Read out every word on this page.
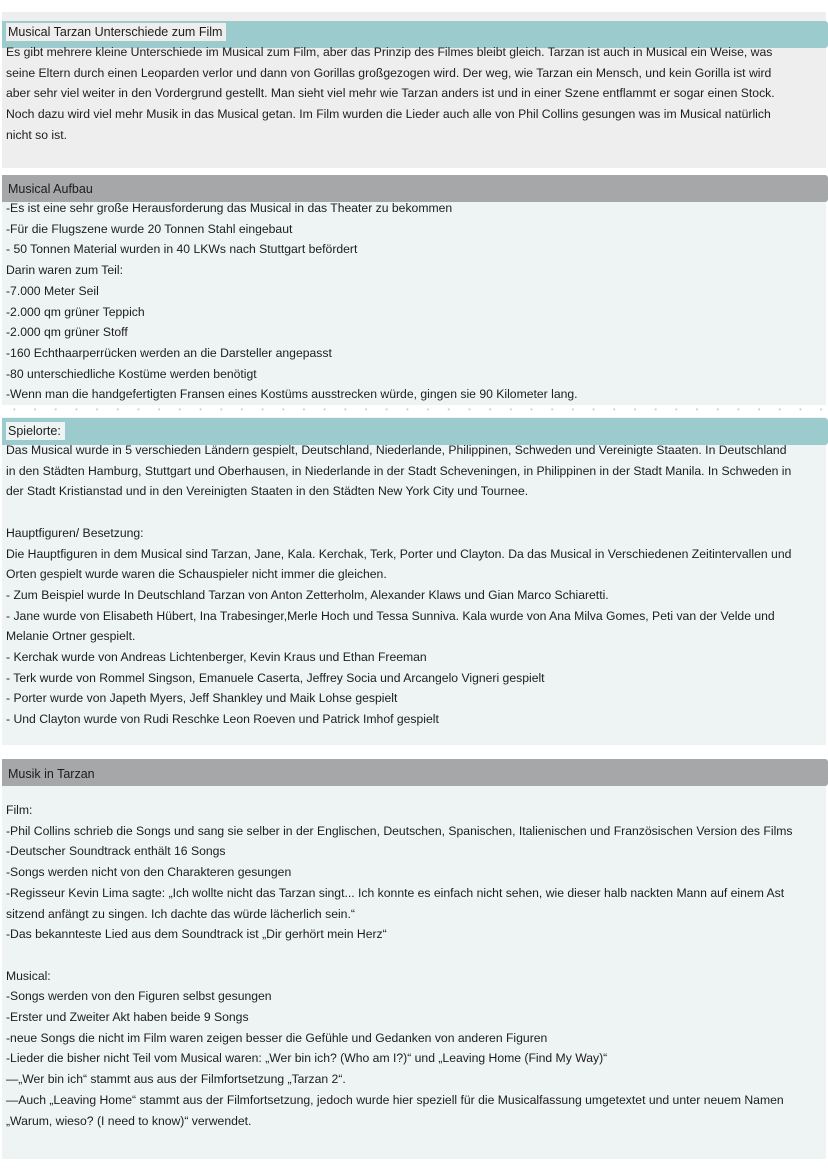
Musical Tarzan Unterschiede zum Film

Es gibt mehrere kleine Unterschiede im Musical zum Film, aber das Prinzip des Filmes bleibt gleich. Tarzan ist auch in Musical ein Weise, was seine Eltern durch einen Leoparden verlor und dann von Gorillas großgezogen wird. Der weg, wie Tarzan ein Mensch, und kein Gorilla ist wird aber sehr viel weiter in den Vordergrund gestellt. Man sieht viel mehr wie Tarzan anders ist und in einer Szene entflammt er sogar einen Stock. Noch dazu wird viel mehr Musik in das Musical getan. Im Film wurden die Lieder auch alle von Phil Collins gesungen was im Musical natürlich nicht so ist.

Musical Aufbau

-Es ist eine sehr große Herausforderung das Musical in das Theater zu bekommen

-Für die Flugszene wurde 20 Tonnen Stahl eingebaut

- 50 Tonnen Material wurden in 40 LKWs nach Stuttgart befördert

Darin waren zum Teil:

-7.000 Meter Seil

-2.000 qm grüner Teppich

-2.000 qm grüner Stoff

-160 Echthaarperrücken werden an die Darsteller angepasst

-80 unterschiedliche Kostüme werden benötigt

-Wenn man die handgefertigten Fransen eines Kostüms ausstrecken würde, gingen sie 90 Kilometer lang.

Spielorte:

Das Musical wurde in 5 verschieden Ländern gespielt, Deutschland, Niederlande, Philippinen, Schweden und Vereinigte Staaten. In Deutschland in den Städten Hamburg, Stuttgart und Oberhausen, in Niederlande in der Stadt Scheveningen, in Philippinen in der Stadt Manila. In Schweden in der Stadt Kristianstad und in den Vereinigten Staaten in den Städten New York City und Tournee.

Hauptfiguren/ Besetzung:

Die Hauptfiguren in dem Musical sind Tarzan, Jane, Kala. Kerchak, Terk, Porter und Clayton. Da das Musical in Verschiedenen Zeitintervallen und Orten gespielt wurde waren die Schauspieler nicht immer die gleichen.

- Zum Beispiel wurde In Deutschland Tarzan von Anton Zetterholm, Alexander Klaws und Gian Marco Schiaretti.

- Jane wurde von Elisabeth Hübert, Ina Trabesinger,Merle Hoch und Tessa Sunniva. Kala wurde von Ana Milva Gomes, Peti van der Velde und Melanie Ortner gespielt.

- Kerchak wurde von Andreas Lichtenberger, Kevin Kraus und Ethan Freeman

- Terk wurde von Rommel Singson, Emanuele Caserta, Jeffrey Socia und Arcangelo Vigneri gespielt

- Porter wurde von Japeth Myers, Jeff Shankley und Maik Lohse gespielt

- Und Clayton wurde von Rudi Reschke Leon Roeven und Patrick Imhof gespielt

Musik in Tarzan

Film:

-Phil Collins schrieb die Songs und sang sie selber in der Englischen, Deutschen, Spanischen, Italienischen und Französischen Version des Films

-Deutscher Soundtrack enthält 16 Songs

-Songs werden nicht von den Charakteren gesungen

-Regisseur Kevin Lima sagte: „Ich wollte nicht das Tarzan singt... Ich konnte es einfach nicht sehen, wie dieser halb nackten Mann auf einem Ast sitzend anfängt zu singen. Ich dachte das würde lächerlich sein.“

-Das bekannteste Lied aus dem Soundtrack ist „Dir gerhört mein Herz“

Musical:

-Songs werden von den Figuren selbst gesungen

-Erster und Zweiter Akt haben beide 9 Songs

-neue Songs die nicht im Film waren zeigen besser die Gefühle und Gedanken von anderen Figuren

-Lieder die bisher nicht Teil vom Musical waren: „Wer bin ich? (Who am I?)“ und „Leaving Home (Find My Way)“

—„Wer bin ich“ stammt aus aus der Filmfortsetzung „Tarzan 2“.

—Auch „Leaving Home“ stammt aus der Filmfortsetzung, jedoch wurde hier speziell für die Musicalfassung umgetextet und unter neuem Namen „Warum, wieso? (I need to know)“ verwendet.
